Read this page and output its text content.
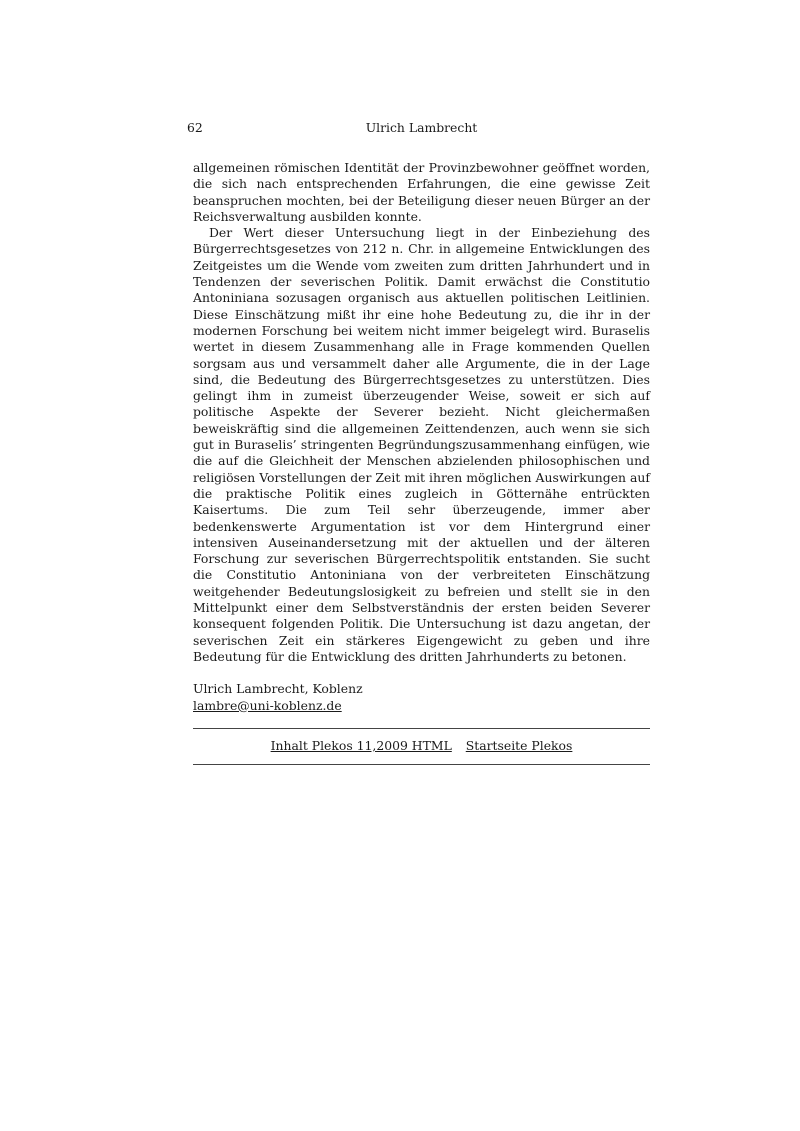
62	Ulrich Lambrecht

allgemeinen römischen Identität der Provinzbewohner geöffnet worden, die sich nach entsprechenden Erfahrungen, die eine gewisse Zeit beanspruchen mochten, bei der Beteiligung dieser neuen Bürger an der Reichsverwaltung ausbilden konnte.

Der Wert dieser Untersuchung liegt in der Einbeziehung des Bürgerrechtsgesetzes von 212 n. Chr. in allgemeine Entwicklungen des Zeitgeistes um die Wende vom zweiten zum dritten Jahrhundert und in Tendenzen der severischen Politik. Damit erwächst die Constitutio Antoniniana sozusagen organisch aus aktuellen politischen Leitlinien. Diese Einschätzung mißt ihr eine hohe Bedeutung zu, die ihr in der modernen Forschung bei weitem nicht immer beigelegt wird. Buraselis wertet in diesem Zusammenhang alle in Frage kommenden Quellen sorgsam aus und versammelt daher alle Argumente, die in der Lage sind, die Bedeutung des Bürgerrechtsgesetzes zu unterstützen. Dies gelingt ihm in zumeist überzeugender Weise, soweit er sich auf politische Aspekte der Severer bezieht. Nicht gleichermaßen beweiskräftig sind die allgemeinen Zeittendenzen, auch wenn sie sich gut in Buraselis’ stringenten Begründungszusammenhang einfügen, wie die auf die Gleichheit der Menschen abzielenden philosophischen und religiösen Vorstellungen der Zeit mit ihren möglichen Auswirkungen auf die praktische Politik eines zugleich in Götternähe entrückten Kaisertums. Die zum Teil sehr überzeugende, immer aber bedenkenswerte Argumentation ist vor dem Hintergrund einer intensiven Auseinandersetzung mit der aktuellen und der älteren Forschung zur severischen Bürgerrechtspolitik entstanden. Sie sucht die Constitutio Antoniniana von der verbreiteten Einschätzung weitgehender Bedeutungslosigkeit zu befreien und stellt sie in den Mittelpunkt einer dem Selbstverständnis der ersten beiden Severer konsequent folgenden Politik. Die Untersuchung ist dazu angetan, der severischen Zeit ein stärkeres Eigengewicht zu geben und ihre Bedeutung für die Entwicklung des dritten Jahrhunderts zu betonen.

Ulrich Lambrecht, Koblenz
lambre@uni-koblenz.de
Inhalt Plekos 11,2009 HTML Startseite Plekos
